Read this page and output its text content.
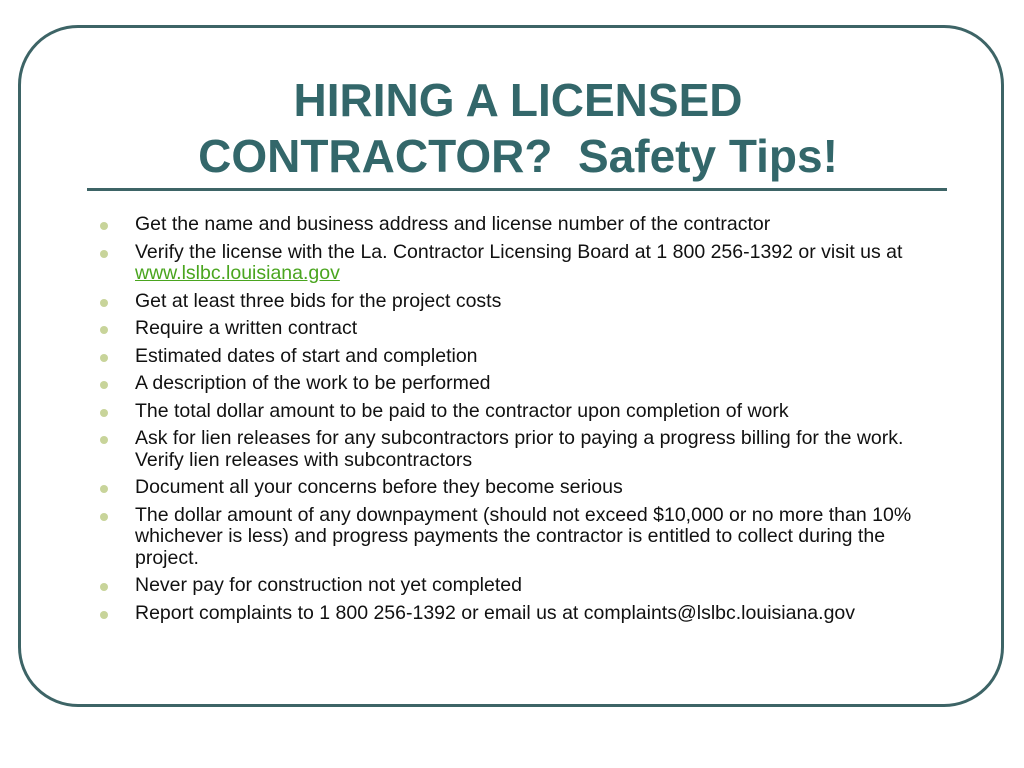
HIRING A LICENSED
CONTRACTOR?  Safety Tips!
Get the name and business address and license number of the contractor
Verify the license with the La. Contractor Licensing Board at 1 800 256-1392 or visit us at www.lslbc.louisiana.gov
Get at least three bids for the project costs
Require a written contract
Estimated dates of start and completion
A description of the work to be performed
The total dollar amount to be paid to the contractor upon completion of work
Ask for lien releases for any subcontractors prior to paying a progress billing for the work. Verify lien releases with subcontractors
Document all your concerns before they become serious
The dollar amount of any downpayment (should not exceed $10,000 or no more than 10% whichever is less) and progress payments the contractor is entitled to collect during the project.
Never pay for construction not yet completed
Report complaints to 1 800 256-1392 or email us at complaints@lslbc.louisiana.gov
